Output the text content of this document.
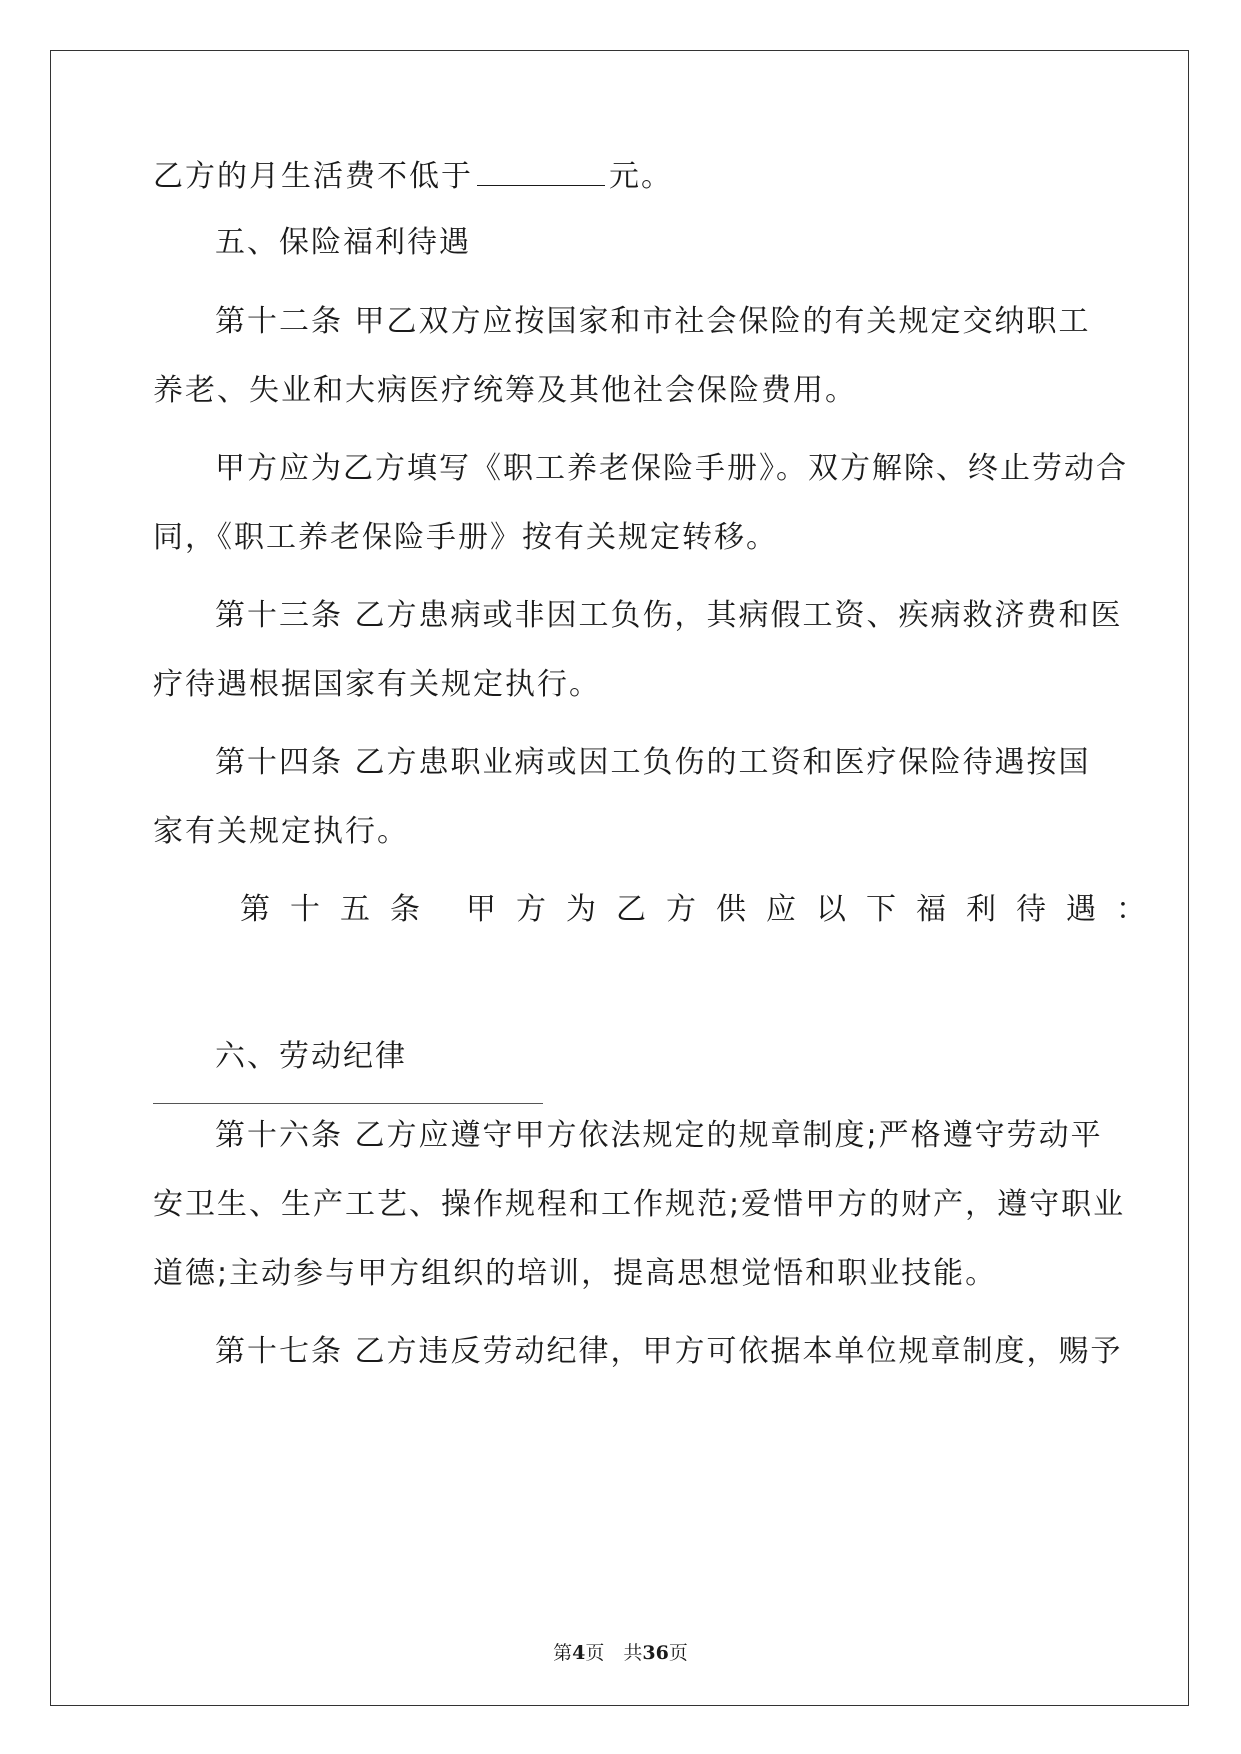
乙方的月生活费不低于	元。
五、保险福利待遇
第十二条 甲乙双方应按国家和市社会保险的有关规定交纳职工
养老、失业和大病医疗统筹及其他社会保险费用。
甲方应为乙方填写《职工养老保险手册》。双方解除、终止劳动合
同，《职工养老保险手册》按有关规定转移。
第十三条 乙方患病或非因工负伤，其病假工资、疾病救济费和医
疗待遇根据国家有关规定执行。
第十四条 乙方患职业病或因工负伤的工资和医疗保险待遇按国
家有关规定执行。
第十五条 甲方为乙方供应以下福利待遇：
六、劳动纪律
第十六条 乙方应遵守甲方依法规定的规章制度;严格遵守劳动平
安卫生、生产工艺、操作规程和工作规范;爱惜甲方的财产，遵守职业
道德;主动参与甲方组织的培训，提高思想觉悟和职业技能。
第十七条 乙方违反劳动纪律，甲方可依据本单位规章制度，赐予
第4页　共36页
